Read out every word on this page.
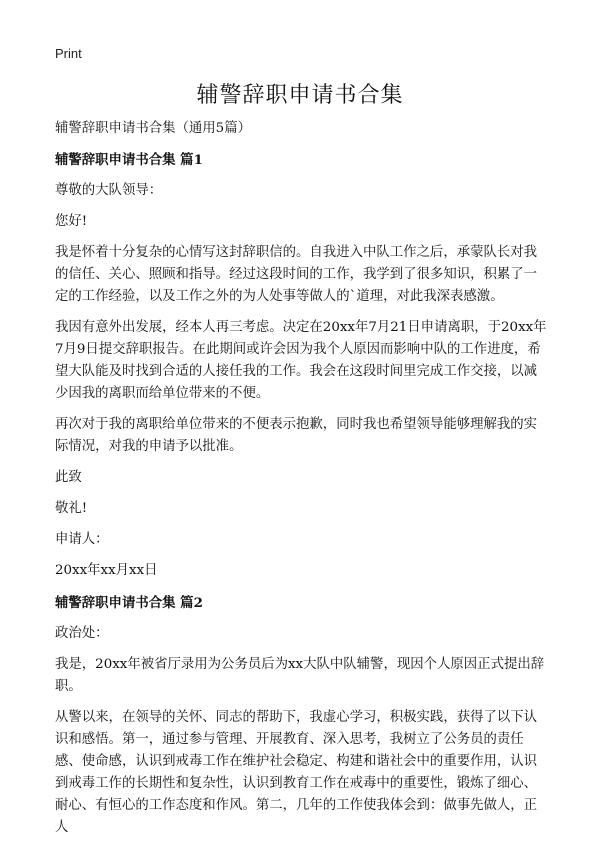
Print
辅警辞职申请书合集

辅警辞职申请书合集（通用5篇）

辅警辞职申请书合集 篇1

尊敬的大队领导：

您好!

我是怀着十分复杂的心情写这封辞职信的。自我进入中队工作之后，承蒙队长对我的信任、关心、照顾和指导。经过这段时间的工作，我学到了很多知识，积累了一定的工作经验，以及工作之外的为人处事等做人的`道理，对此我深表感激。

我因有意外出发展，经本人再三考虑。决定在20xx年7月21日申请离职，于20xx年7月9日提交辞职报告。在此期间或许会因为我个人原因而影响中队的工作进度，希望大队能及时找到合适的人接任我的工作。我会在这段时间里完成工作交接，以减少因我的离职而给单位带来的不便。

再次对于我的离职给单位带来的不便表示抱歉，同时我也希望领导能够理解我的实际情况，对我的申请予以批准。

此致

敬礼!

申请人：

20xx年xx月xx日

辅警辞职申请书合集 篇2

政治处：

我是，20xx年被省厅录用为公务员后为xx大队中队辅警，现因个人原因正式提出辞职。

从警以来，在领导的关怀、同志的帮助下，我虚心学习，积极实践，获得了以下认识和感悟。第一，通过参与管理、开展教育、深入思考，我树立了公务员的责任感、使命感，认识到戒毒工作在维护社会稳定、构建和谐社会中的重要作用，认识到戒毒工作的长期性和复杂性，认识到教育工作在戒毒中的重要性，锻炼了细心、耐心、有恒心的工作态度和作风。第二，几年的工作使我体会到：做事先做人，正人
